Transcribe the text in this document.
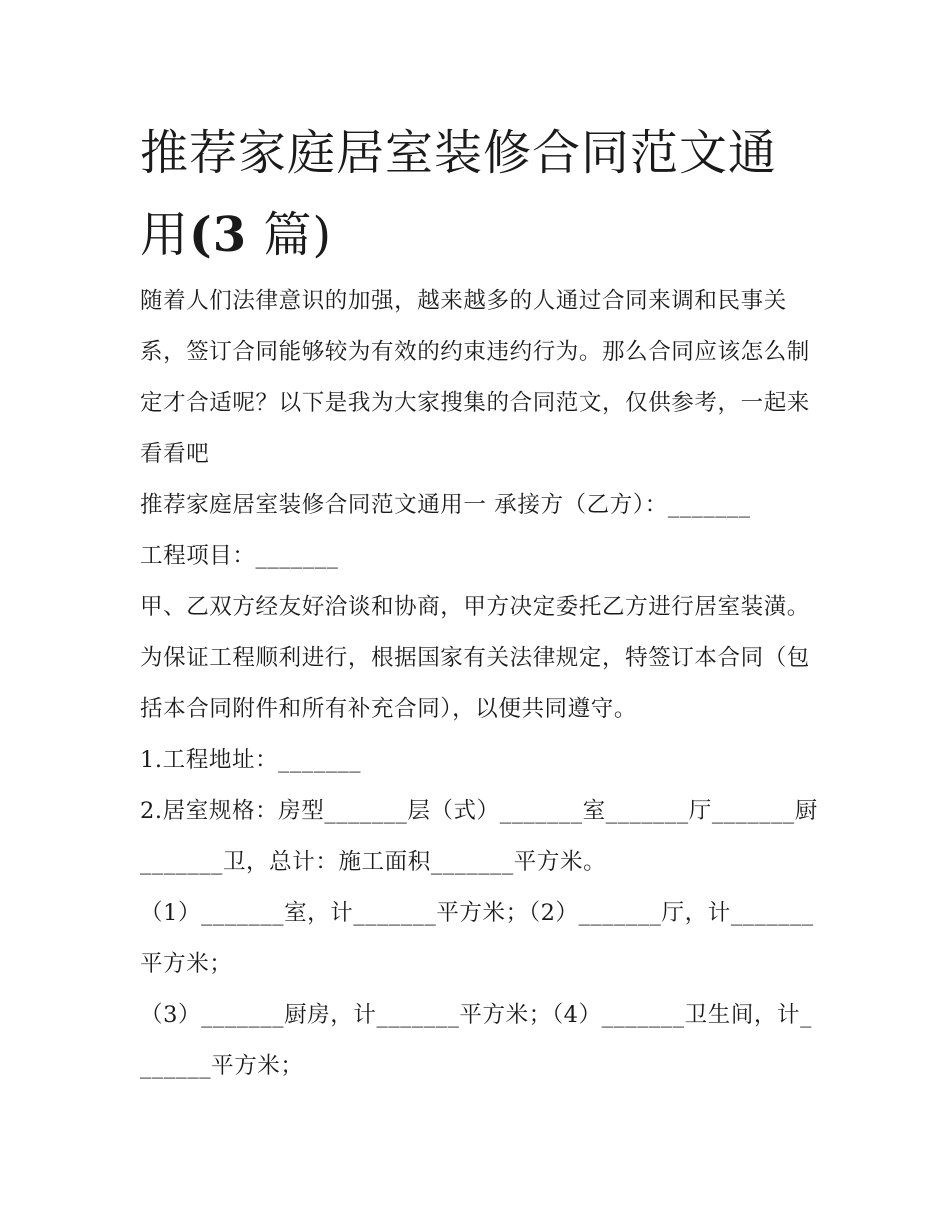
推荐家庭居室装修合同范文通用(3 篇)

随着人们法律意识的加强，越来越多的人通过合同来调和民事关系，签订合同能够较为有效的约束违约行为。那么合同应该怎么制定才合适呢？以下是我为大家搜集的合同范文，仅供参考，一起来看看吧

推荐家庭居室装修合同范文通用一 承接方（乙方）：_______

工程项目：_______

甲、乙双方经友好洽谈和协商，甲方决定委托乙方进行居室装潢。为保证工程顺利进行，根据国家有关法律规定，特签订本合同（包括本合同附件和所有补充合同），以便共同遵守。

1.工程地址：_______

2.居室规格：房型_______层（式）_______室_______厅_______厨_______卫，总计：施工面积_______平方米。

（1）_______室，计_______平方米；（2）_______厅，计_______平方米；

（3）_______厨房，计_______平方米；（4）_______卫生间，计_______平方米；
